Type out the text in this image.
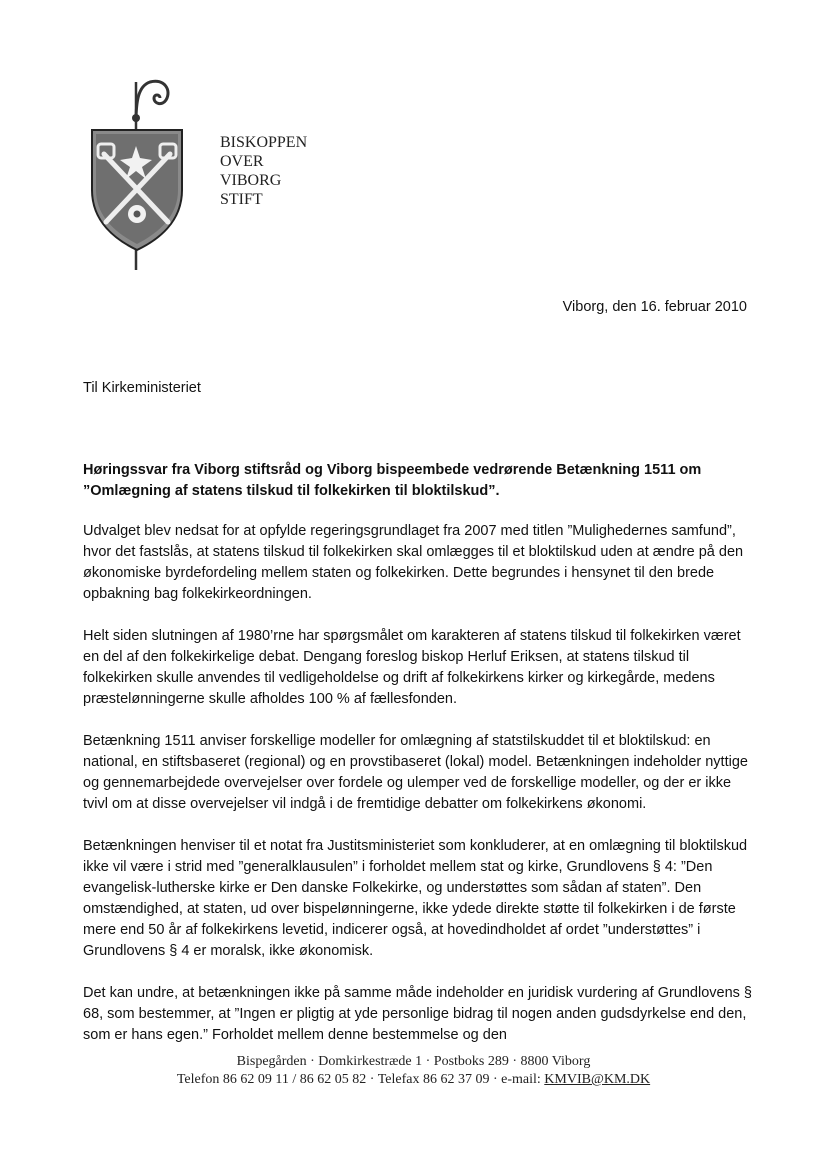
BISKOPPEN
OVER
VIBORG
STIFT
Viborg, den 16. februar 2010
Til Kirkeministeriet

Høringssvar fra Viborg stiftsråd og Viborg bispeembede vedrørende Betænkning 1511 om ”Omlægning af statens tilskud til folkekirken til bloktilskud”.

Udvalget blev nedsat for at opfylde regeringsgrundlaget fra 2007 med titlen ”Mulighedernes samfund”, hvor det fastslås, at statens tilskud til folkekirken skal omlægges til et bloktilskud uden at ændre på den økonomiske byrdefordeling mellem staten og folkekirken. Dette begrundes i hensynet til den brede opbakning bag folkekirkeordningen.

Helt siden slutningen af 1980’rne har spørgsmålet om karakteren af statens tilskud til folkekirken været en del af den folkekirkelige debat. Dengang foreslog biskop Herluf Eriksen, at statens tilskud til folkekirken skulle anvendes til vedligeholdelse og drift af folkekirkens kirker og kirkegårde, medens præstelønningerne skulle afholdes 100 % af fællesfonden.

Betænkning 1511 anviser forskellige modeller for omlægning af statstilskuddet til et bloktilskud: en national, en stiftsbaseret (regional) og en provstibaseret (lokal) model. Betænkningen indeholder nyttige og gennemarbejdede overvejelser over fordele og ulemper ved de forskellige modeller, og der er ikke tvivl om at disse overvejelser vil indgå i de fremtidige debatter om folkekirkens økonomi.

Betænkningen henviser til et notat fra Justitsministeriet som konkluderer, at en omlægning til bloktilskud ikke vil være i strid med ”generalklausulen” i forholdet mellem stat og kirke, Grundlovens § 4: ”Den evangelisk-lutherske kirke er Den danske Folkekirke, og understøttes som sådan af staten”. Den omstændighed, at staten, ud over bispelønningerne, ikke ydede direkte støtte til folkekirken i de første mere end 50 år af folkekirkens levetid, indicerer også, at hovedindholdet af ordet ”understøttes” i Grundlovens § 4 er moralsk, ikke økonomisk.

Det kan undre, at betænkningen ikke på samme måde indeholder en juridisk vurdering af Grundlovens § 68, som bestemmer, at ”Ingen er pligtig at yde personlige bidrag til nogen anden gudsdyrkelse end den, som er hans egen.” Forholdet mellem denne bestemmelse og den

Bispegården · Domkirkestræde 1 · Postboks 289 · 8800 Viborg
Telefon 86 62 09 11 / 86 62 05 82 · Telefax 86 62 37 09 · e-mail: KMVIB@KM.DK
